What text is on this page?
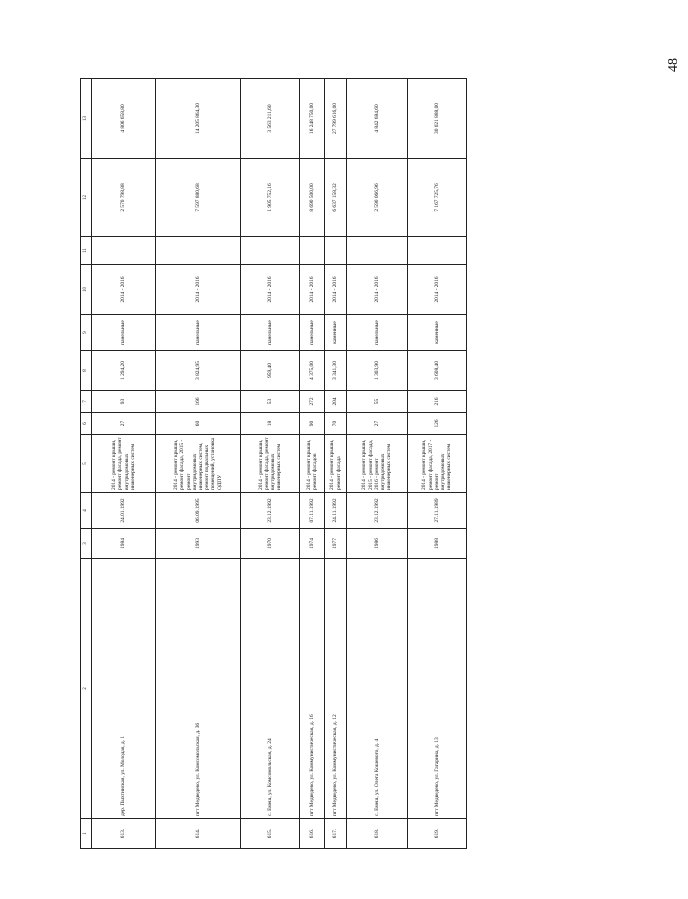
48
1	2	3	4	5	6	7	8	9	10	11	12	13
613.	дер. Пыхтинская, ул. Молодая, д. 1	1984	24.01.1992	2014 - ремонт крыши, ремонт фасада, ремонт внутридомовых инженерных систем	27	93	1 294,20	панельные	2014 - 2016		2 570 798,88	4 806 658,80
614.	пгт Медведево, ул. Комсомольская, д. 36	1993	06.09.1995	2014 - ремонт крыши, ремонт фасада, 2015 - ремонт внутридомовых инженерных систем, ремонт подвальных помещений, установка ОДПУ	60	166	3 824,95	панельные	2014 - 2016		7 597 880,68	14 205 864,30
615.	с. Емеш, ул. Комсомольская, д. 24	1970	23.12.1992	2014 - ремонт крыши, ремонт фасада, ремонт внутридомовых инженерных систем	18	53	959,40	панельные	2014 - 2016		1 905 752,16	3 563 211,60
616.	пгт Медведево, ул. Коммунистическая, д. 16	1974	07.11.1992	2014 - ремонт крыши, ремонт фасадов	90	272	4 375,00	панельные	2014 - 2016		8 690 500,00	16 248 750,00
617.	пгт Медведево, ул. Коммунистическая, д. 12	1977	24.11.1992	2014 - ремонт крыши, ремонт фасада	70	204	3 341,30	каменные	2014 - 2016		6 637 158,32	27 799 616,00
618.	с. Емеш, ул. Олега Кошевого, д. 4	1986	23.12.1992	2014 - ремонт крыши, 2015 - ремонт фасада, 2016 - ремонт внутридомовых инженерных систем	27	55	1 303,90	панельные	2014 - 2016		2 590 066,96	4 842 684,60
619.	пгт Медведево, ул. Гагарина, д. 13	1988	27.11.1989	2014 - ремонт крыши, ремонт фасада, 2017 - ремонт внутридомовых инженерных систем	126	216	3 608,40	каменные	2014 - 2016		7 167 725,76	30 021 888,00
